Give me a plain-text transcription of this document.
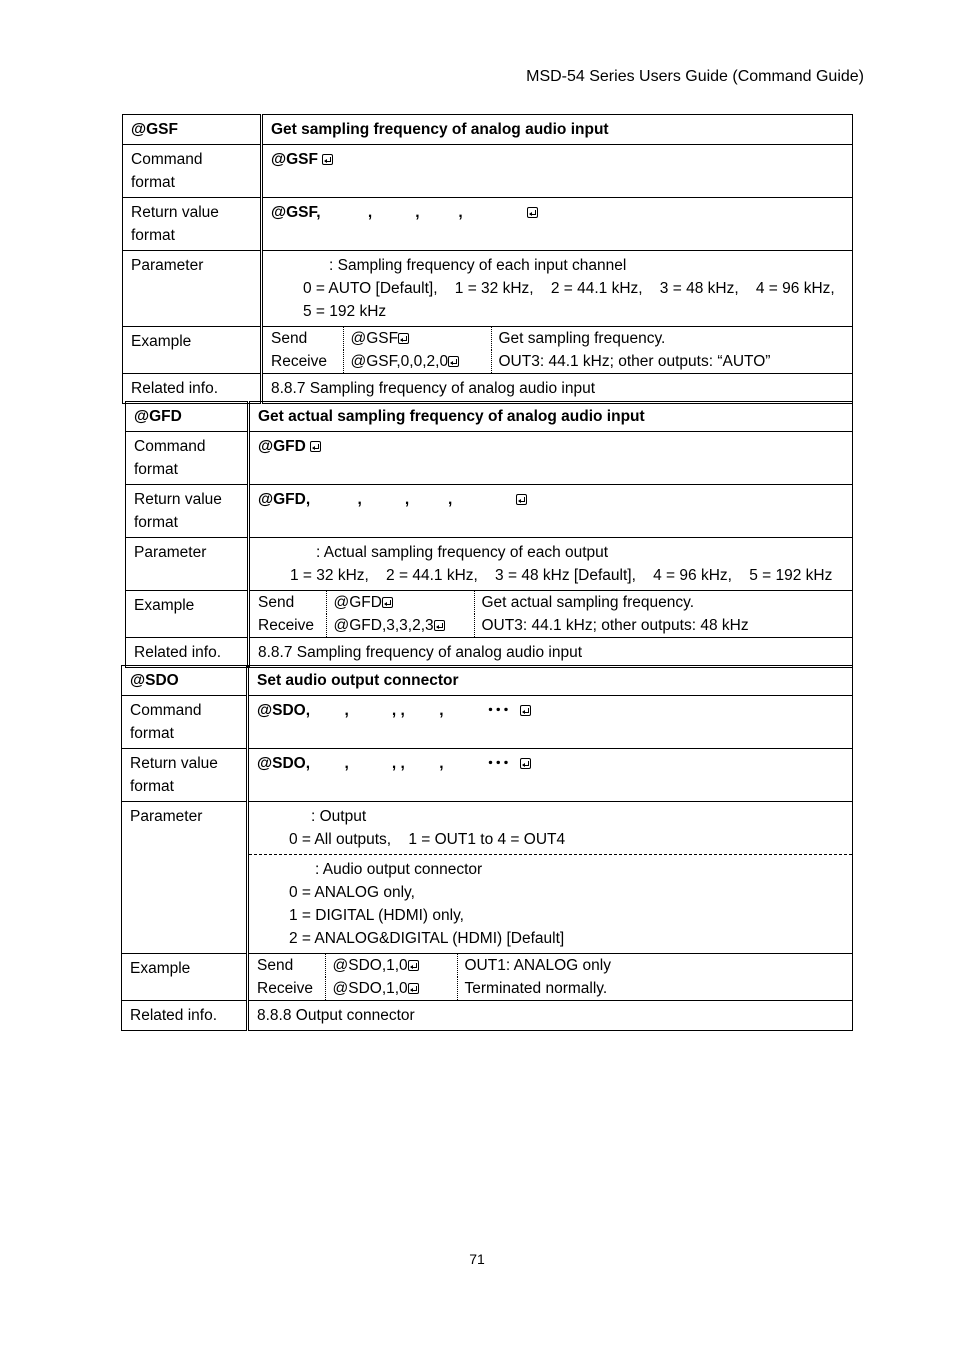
MSD-54 Series Users Guide (Command Guide)
@GSF	Get sampling frequency of analog audio input
Command
format	@GSF
Return value
format	@GSF,           ,          ,         ,
Parameter	: Sampling frequency of each input channel
0 = AUTO [Default],    1 = 32 kHz,    2 = 44.1 kHz,    3 = 48 kHz,    4 = 96 kHz,
5 = 192 kHz

Example		Send	@GSF	Get sampling frequency.
Receive	@GSF,0,0,2,0	OUT3: 44.1 kHz; other outputs: “AUTO”

Related info.	8.8.7 Sampling frequency of analog audio input
@GFD	Get actual sampling frequency of analog audio input
Command
format	@GFD
Return value
format	@GFD,           ,          ,         ,
Parameter	: Actual sampling frequency of each output
1 = 32 kHz,    2 = 44.1 kHz,    3 = 48 kHz [Default],    4 = 96 kHz,    5 = 192 kHz

Example		Send	@GFD	Get actual sampling frequency.
Receive	@GFD,3,3,2,3	OUT3: 44.1 kHz; other outputs: 48 kHz

Related info.	8.8.7 Sampling frequency of analog audio input
@SDO	Set audio output connector
Command
format	@SDO,        ,          , ,        ,          ･･･
Return value
format	@SDO,        ,          , ,        ,          ･･･
Parameter	: Output
0 = All outputs,    1 = OUT1 to 4 = OUT4
: Audio output connector
0 = ANALOG only,
1 = DIGITAL (HDMI) only,
2 = ANALOG&DIGITAL (HDMI) [Default]

Example		Send	@SDO,1,0	OUT1: ANALOG only
Receive	@SDO,1,0	Terminated normally.

Related info.	8.8.8 Output connector
71
